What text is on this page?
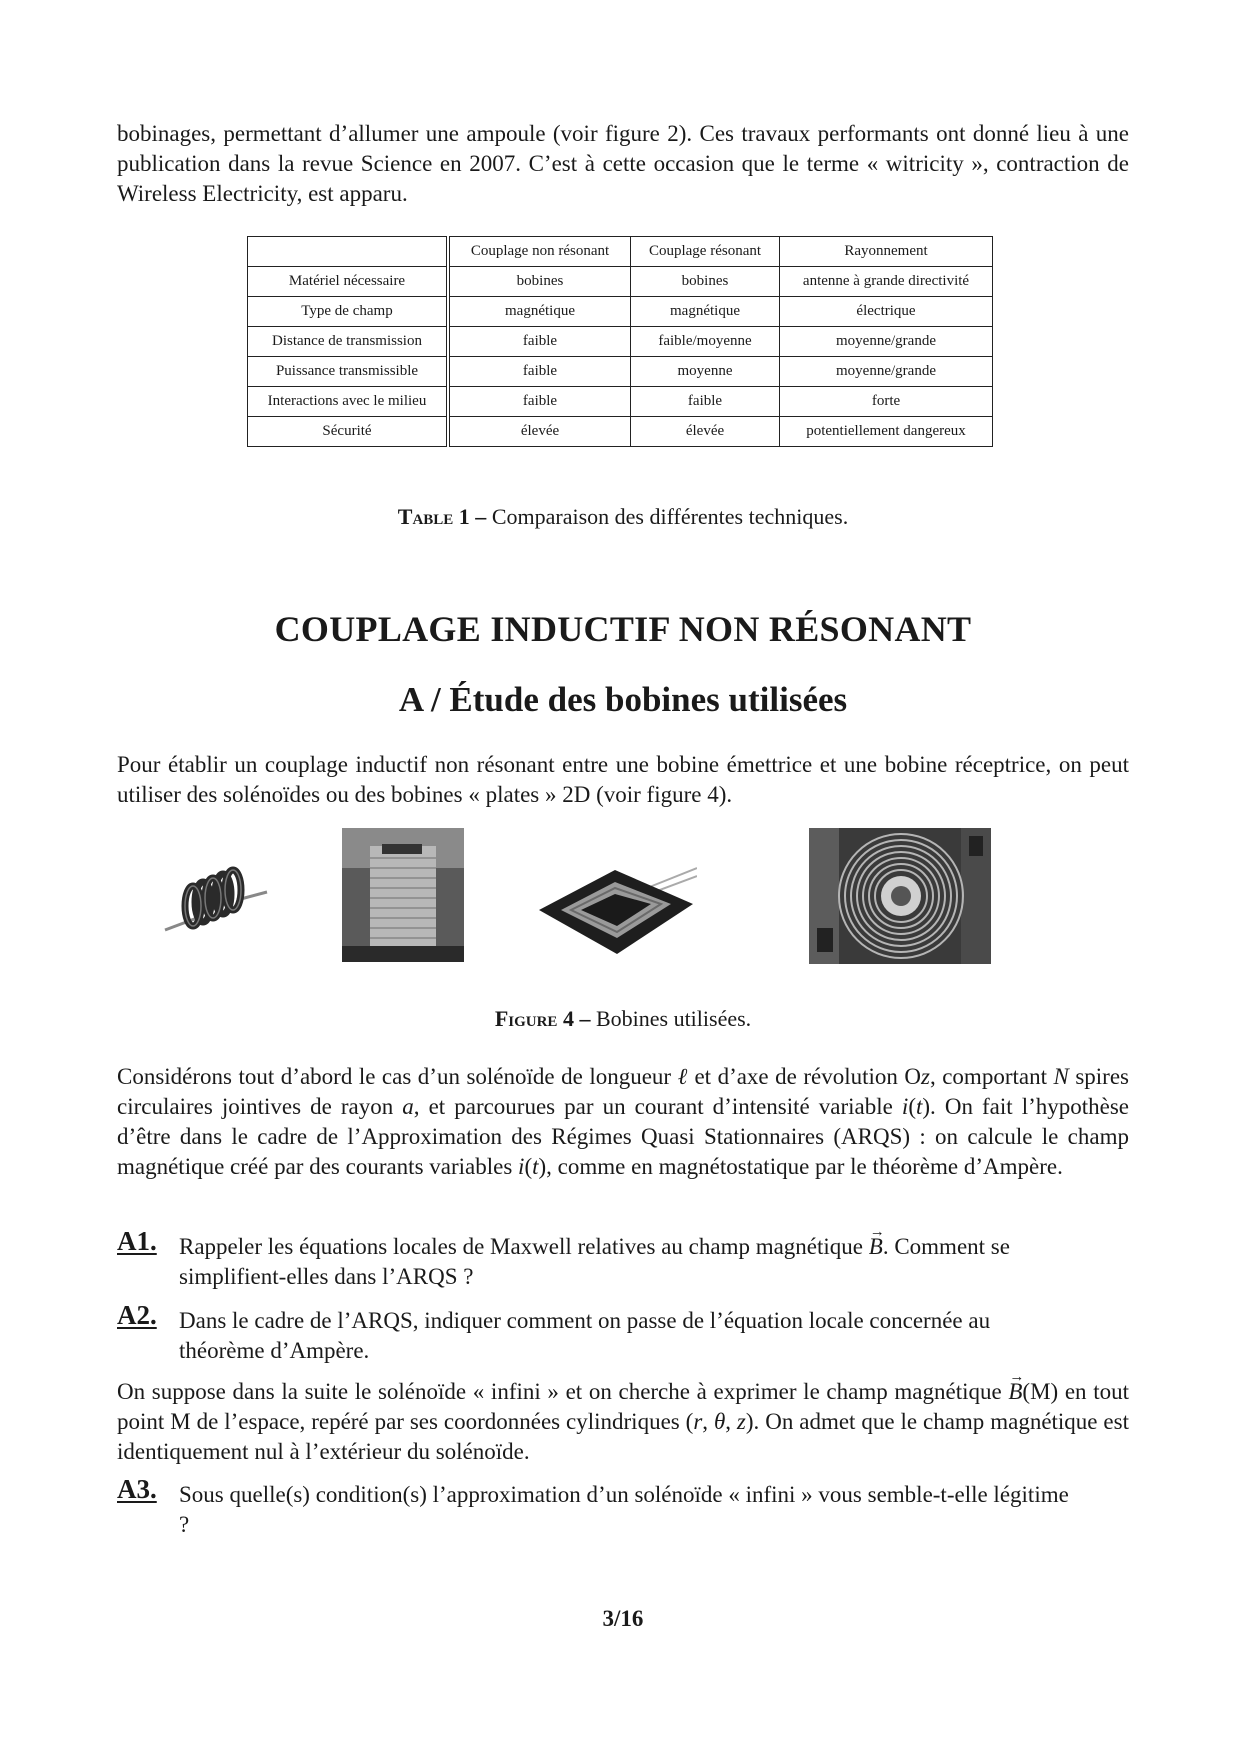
bobinages, permettant d’allumer une ampoule (voir figure 2). Ces travaux performants ont donné lieu à une publication dans la revue Science en 2007. C’est à cette occasion que le terme « witricity », contraction de Wireless Electricity, est apparu.

	Couplage non résonant	Couplage résonant	Rayonnement
Matériel nécessaire	bobines	bobines	antenne à grande directivité
Type de champ	magnétique	magnétique	électrique
Distance de transmission	faible	faible/moyenne	moyenne/grande
Puissance transmissible	faible	moyenne	moyenne/grande
Interactions avec le milieu	faible	faible	forte
Sécurité	élevée	élevée	potentiellement dangereux
Table 1 – Comparaison des différentes techniques.
COUPLAGE INDUCTIF NON RÉSONANT
A / Étude des bobines utilisées

Pour établir un couplage inductif non résonant entre une bobine émettrice et une bobine réceptrice, on peut utiliser des solénoïdes ou des bobines « plates » 2D (voir figure 4).

Figure 4 – Bobines utilisées.

Considérons tout d’abord le cas d’un solénoïde de longueur ℓ et d’axe de révolution Oz, comportant N spires circulaires jointives de rayon a, et parcourues par un courant d’intensité variable i(t). On fait l’hypothèse d’être dans le cadre de l’Approximation des Régimes Quasi Stationnaires (ARQS) : on calcule le champ magnétique créé par des courants variables i(t), comme en magnétostatique par le théorème d’Ampère.

A1. Rappeler les équations locales de Maxwell relatives au champ magnétique → B. Comment se simplifient-elles dans l’ARQS ?
A2. Dans le cadre de l’ARQS, indiquer comment on passe de l’équation locale concernée au théorème d’Ampère.

On suppose dans la suite le solénoïde « infini » et on cherche à exprimer le champ magnétique → B(M) en tout point M de l’espace, repéré par ses coordonnées cylindriques (r, θ, z). On admet que le champ magnétique est identiquement nul à l’extérieur du solénoïde.

A3. Sous quelle(s) condition(s) l’approximation d’un solénoïde « infini » vous semble-t-elle légitime ?
3/16
